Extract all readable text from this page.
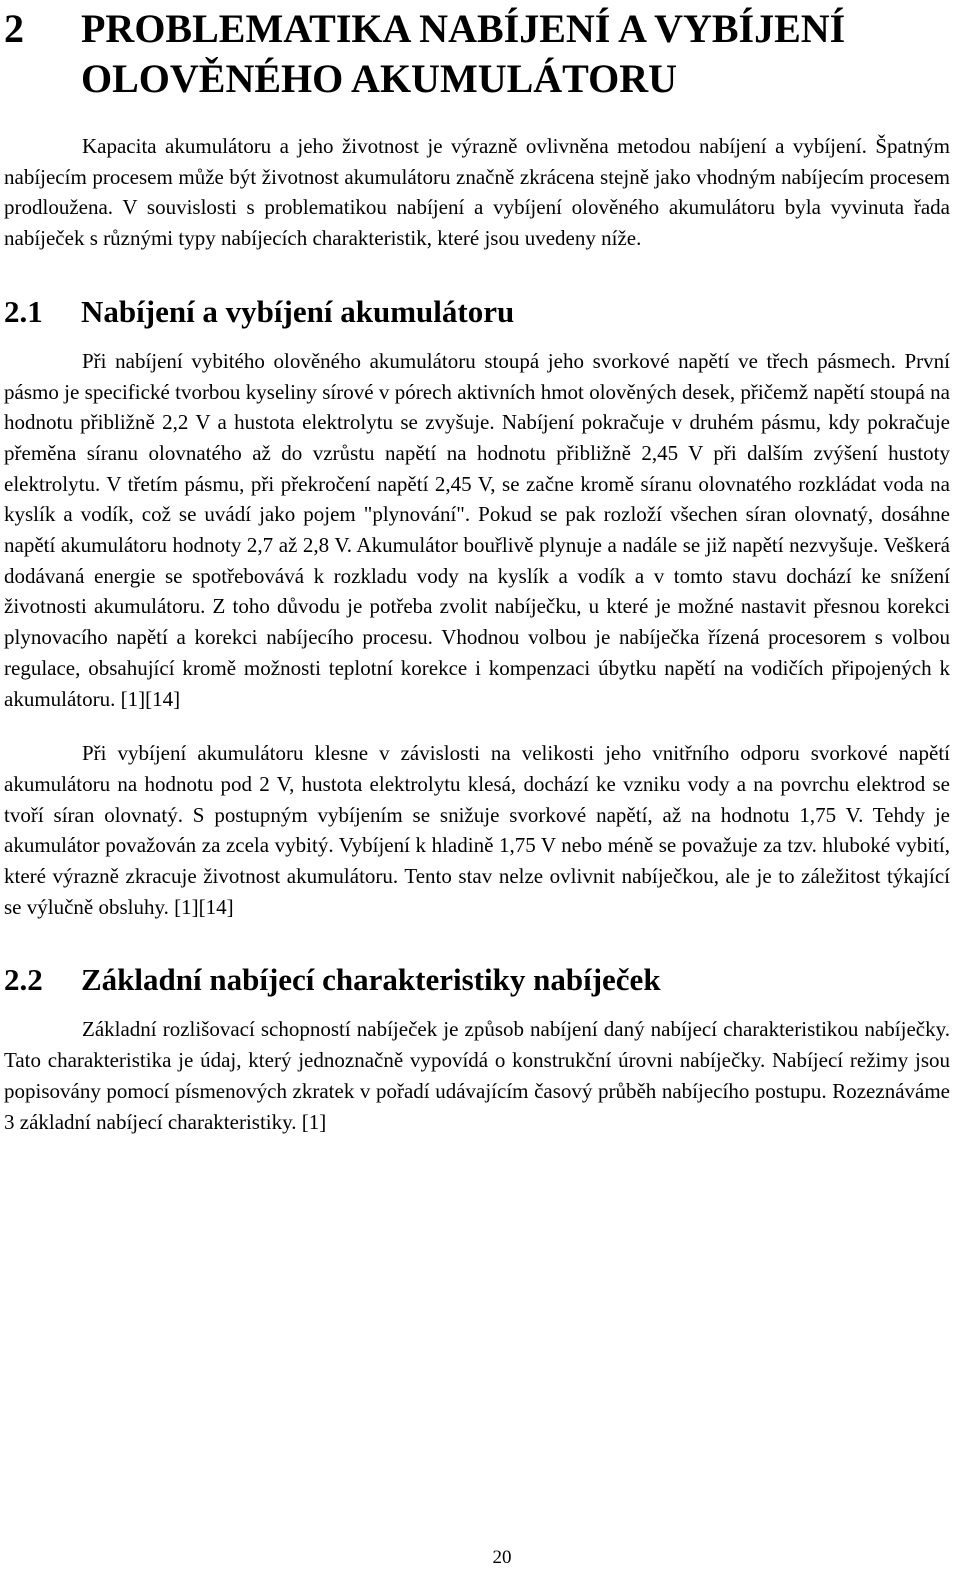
2	PROBLEMATIKA NABÍJENÍ A VYBÍJENÍ OLOVĚNÉHO AKUMULÁTORU

Kapacita akumulátoru a jeho životnost je výrazně ovlivněna metodou nabíjení a vybíjení. Špatným nabíjecím procesem může být životnost akumulátoru značně zkrácena stejně jako vhodným nabíjecím procesem prodloužena. V souvislosti s problematikou nabíjení a vybíjení olověného akumulátoru byla vyvinuta řada nabíječek s různými typy nabíjecích charakteristik, které jsou uvedeny níže.

2.1	Nabíjení a vybíjení akumulátoru

Při nabíjení vybitého olověného akumulátoru stoupá jeho svorkové napětí ve třech pásmech. První pásmo je specifické tvorbou kyseliny sírové v pórech aktivních hmot olověných desek, přičemž napětí stoupá na hodnotu přibližně 2,2 V a hustota elektrolytu se zvyšuje. Nabíjení pokračuje v druhém pásmu, kdy pokračuje přeměna síranu olovnatého až do vzrůstu napětí na hodnotu přibližně 2,45 V při dalším zvýšení hustoty elektrolytu. V třetím pásmu, při překročení napětí 2,45 V, se začne kromě síranu olovnatého rozkládat voda na kyslík a vodík, což se uvádí jako pojem "plynování". Pokud se pak rozloží všechen síran olovnatý, dosáhne napětí akumulátoru hodnoty 2,7 až 2,8 V. Akumulátor bouřlivě plynuje a nadále se již napětí nezvyšuje. Veškerá dodávaná energie se spotřebovává k rozkladu vody na kyslík a vodík a v tomto stavu dochází ke snížení životnosti akumulátoru. Z toho důvodu je potřeba zvolit nabíječku, u které je možné nastavit přesnou korekci plynovacího napětí a korekci nabíjecího procesu. Vhodnou volbou je nabíječka řízená procesorem s volbou regulace, obsahující kromě možnosti teplotní korekce i kompenzaci úbytku napětí na vodičích připojených k akumulátoru. [1][14]

Při vybíjení akumulátoru klesne v závislosti na velikosti jeho vnitřního odporu svorkové napětí akumulátoru na hodnotu pod 2 V, hustota elektrolytu klesá, dochází ke vzniku vody a na povrchu elektrod se tvoří síran olovnatý. S postupným vybíjením se snižuje svorkové napětí, až na hodnotu 1,75 V. Tehdy je akumulátor považován za zcela vybitý. Vybíjení k hladině 1,75 V nebo méně se považuje za tzv. hluboké vybití, které výrazně zkracuje životnost akumulátoru. Tento stav nelze ovlivnit nabíječkou, ale je to záležitost týkající se výlučně obsluhy. [1][14]

2.2	Základní nabíjecí charakteristiky nabíječek

Základní rozlišovací schopností nabíječek je způsob nabíjení daný nabíjecí charakteristikou nabíječky. Tato charakteristika je údaj, který jednoznačně vypovídá o konstrukční úrovni nabíječky. Nabíjecí režimy jsou popisovány pomocí písmenových zkratek v pořadí udávajícím časový průběh nabíjecího postupu. Rozeznáváme 3 základní nabíjecí charakteristiky. [1]

20
